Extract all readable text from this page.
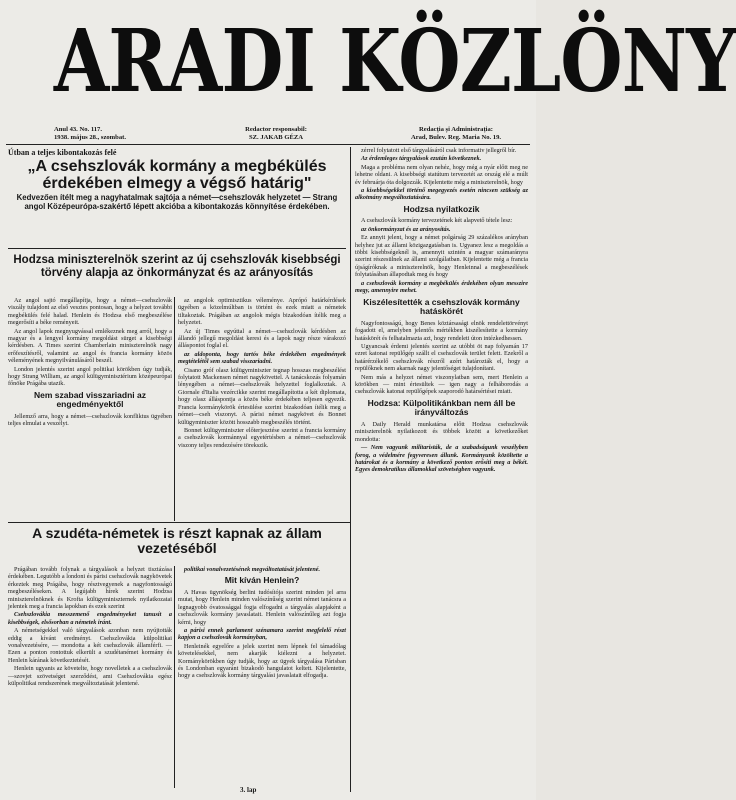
ARADI KÖZLÖNY
Anul 43. No. 117.
1938. május 28., szombat.
Redactor responsabil:
SZ. JAKAB GÉZA
Redacția și Administrația:
Arad, Bulev. Reg. Maria No. 19.
Útban a teljes kibontakozás felé
„A csehszlovák kormány a megbékülés érdekében elmegy a végső határig"
Kedvezően ítélt meg a nagyhatalmak sajtója a német—csehszlovák helyzetet — Strang angol Középeurópa-szakértő lépett akcióba a kibontakozás könnyítése érdekében.
Hodzsa miniszterelnök szerint az új csehszlovák kisebbségi törvény alapja az önkormányzat és az arányosítás

Az angol sajtó megállapítja, hogy a német—csehszlovák viszály tulajdont az első vesztes pontosan, hogy a helyzet további megbékülés felé halad. Henlein és Hodzsa első megbeszélése megerősíti a béke reményeit.

Az angol lapok megnyugvással emlékeznek meg arról, hogy a magyar és a lengyel kormány megoldást sürget a kisebbségi kérdésben. A Times szerint Chamberlain miniszterelnök nagy erőfeszítésről, valamint az angol és francia kormány közös véleményének megnyilvánulásáról beszél.

London jelentés szerint angol politikai körökben úgy tudják, hogy Strang William, az angol külügyminisztérium középeurópai főnöke Prágába utazik.

Nem szabad visszariadni az engedményektől

Jellemző arra, hogy a német—csehszlovák konfliktus ügyében teljes elmulat a veszélyt.

az angolok optimisztikus véleménye. Aprópó határkérdések ügyében a közelmúltban is történt és ezek miatt a németek tiltakoztak. Prágában az angolok mégis bizakodóan ítélik meg a helyzetet.

Az új Times egyúttal a német—csehszlovák kérdésben az állandó jellegű megoldást keresi és a lapok nagy része várakozó álláspontot foglal el.

az aldoponta, hogy tartós béke érdekében engedmények megtételétől sem szabad visszariadni.

Cisano gróf olasz külügyminiszter tegnap hosszas megbeszélést folytatott Mackensen német nagykövettel. A tanácskozás folyamán lényegében a német—csehszlovák helyzettel foglalkoztak. A Giornale d'Italia vezércikke szerint megállapította a két diplomata, hogy olasz álláspontja a közös béke érdekében teljesen egyezik. Francia kormánykörök értesülése szerint bizakodóan ítélik meg a német—cseh viszonyt. A párisi német nagykövet és Bonnet külügyminiszter között hosszabb megbeszélés történt.

Bonnet külügyminiszter előterjesztése szerint a francia kormány a csehszlovák kormánnyal egyetértésben a német—csehszlovák viszony teljes rendezésére törekszik.

zérrel folytatott első tárgyalásáról csak informativ jellegről bír.

Az érdemleges tárgyalások ezután következnek.

Maga a probléma nem olyan nehéz, hogy még a nyár előtt meg ne lehetne oldani. A kisebbségi statútum tervezetét az ország elé a múlt év februárja óta dolgozzák. Kijelentette még a miniszterelnök, hogy

a kisebbségekkel történő megegyezés esetén nincsen szükség az alkotmány megváltoztatására.

Hodzsa nyilatkozik

A csehszlovák kormány tervezetének két alapvető tétele lesz:

az önkormányzat és az arányosítás.

Ez annyit jelent, hogy a német polgárság 29 százalékos arányban helyhez jut az állami közigazgatásban is. Ugyanez lesz a megoldás a többi kisebbségeknél is, amennyit szintén a magyar számarányra szerint részesülnek az állami szolgálatban. Kijelentette még a francia újságíróknak a miniszterelnök, hogy Henleinnal a megbeszélések folytatásában állapodtak meg és hogy

a csehszlovák kormány a megbékülés érdekében olyan messzire megy, amennyire mehet.

Kiszélesítették a csehszlovák kormány hatáskörét

Nagyfontosságú, hogy Benes köztársasági elnök rendelettörvényt fogadott el, amelyben jelentős mértékben kiszélesítette a kormány hatáskörét és felhatalmazta azt, hogy rendeleti úton intézkedhessen.

Ugyancsak érdemi jelentés szerint az utóbbi öt nap folyamán 17 ezret katonai repülőgép szállt el csehszlovák terület felett. Ezekről a határérzékelő csehszlovák részről azért határozták el, hogy a repülőknek nem akarnak nagy jelentőséget tulajdonítani.

Nem más a helyzet német viszonylatban sem, mert Henlein a körökben — mint értesültek — igen nagy a felháborodás a csehszlovák katonai repülőgépek szaporodó határsértései miatt.

Hodzsa: Külpolitikánkban nem áll be irányváltozás

A Daily Herald munkatársa előtt Hodzsa csehszlovák miniszterelnök nyilatkozott és többek között a következőket mondotta:

— Nem vagyunk militaristák, de a szabadságunk veszélyben forog, a védelmére fegyveresen állunk. Kormányunk közöltette a határokat és a kormány a következő ponton erősíti meg a békét. Egyes demokratikus államokkal szövetségben vagyunk.

A szudéta-németek is részt kapnak az állam vezetéséből

Prágában tovább folynak a tárgyalások a helyzet tisztázása érdekében. Legutóbb a londoni és párisi csehszlovák nagykövetek érkeztek meg Prágába, hogy résztvegyenek a nagyfontosságú megbeszéléseken. A legújabb hírek szerint Hodzsa miniszterelnöknek és Krofta külügyminiszternek nyilatkozatai jelentek meg a francia lapokban és ezek szerint

Csehszlovákia messzemenő engedményeket tanusít a kisebbségek, elsősorban a németek iránt.

A németségekkel való tárgyalások azonban nem nyújtották eddig a kívánt eredményt. Csehszlovákia külpolitikai vonalvezetésére, — mondotta a két csehszlovák államférfi. — Ezen a ponton rontottuk elkerült a szudétanémet kormány és Henlein kárának következtetését.

Henlein ugyanis az követelte, hogy novelletek a a csehszlovák—szovjet szövetséget szerződést, ami Csehszlovákia egész külpolitikai rendszerének megváltoztatását jelentené.

politikai vonalvezetésének megváltoztatását jelentené.

Mit kíván Henlein?

A Havas ügynökség berlini tudósítója szerint minden jel arra mutat, hogy Henlein minden valószínűség szerint német tanácsra a legnagyobb óvatossággal fogja elfogadni a tárgyalás alapjaként a csehszlovák kormány javaslatait. Henlein valószínűleg azt fogja kérni, hogy

a párisi ennek parlament szénamara szerint megfelelő részt kapjon a csehszlovák kormányban,

Henleinék egyelőre a jelek szerint nem lépnek fel támadólag követelésekkel, nem akarják kiélezni a helyzetet. Kormánykörökben úgy tudják, hogy az ügyek tárgyalása Párisban és Londonban egyaránt bizakodó hangulatot keltett. Kijelentette, hogy a csehszlovák kormány tárgyalási javaslatait elfogadja.

3. lap
